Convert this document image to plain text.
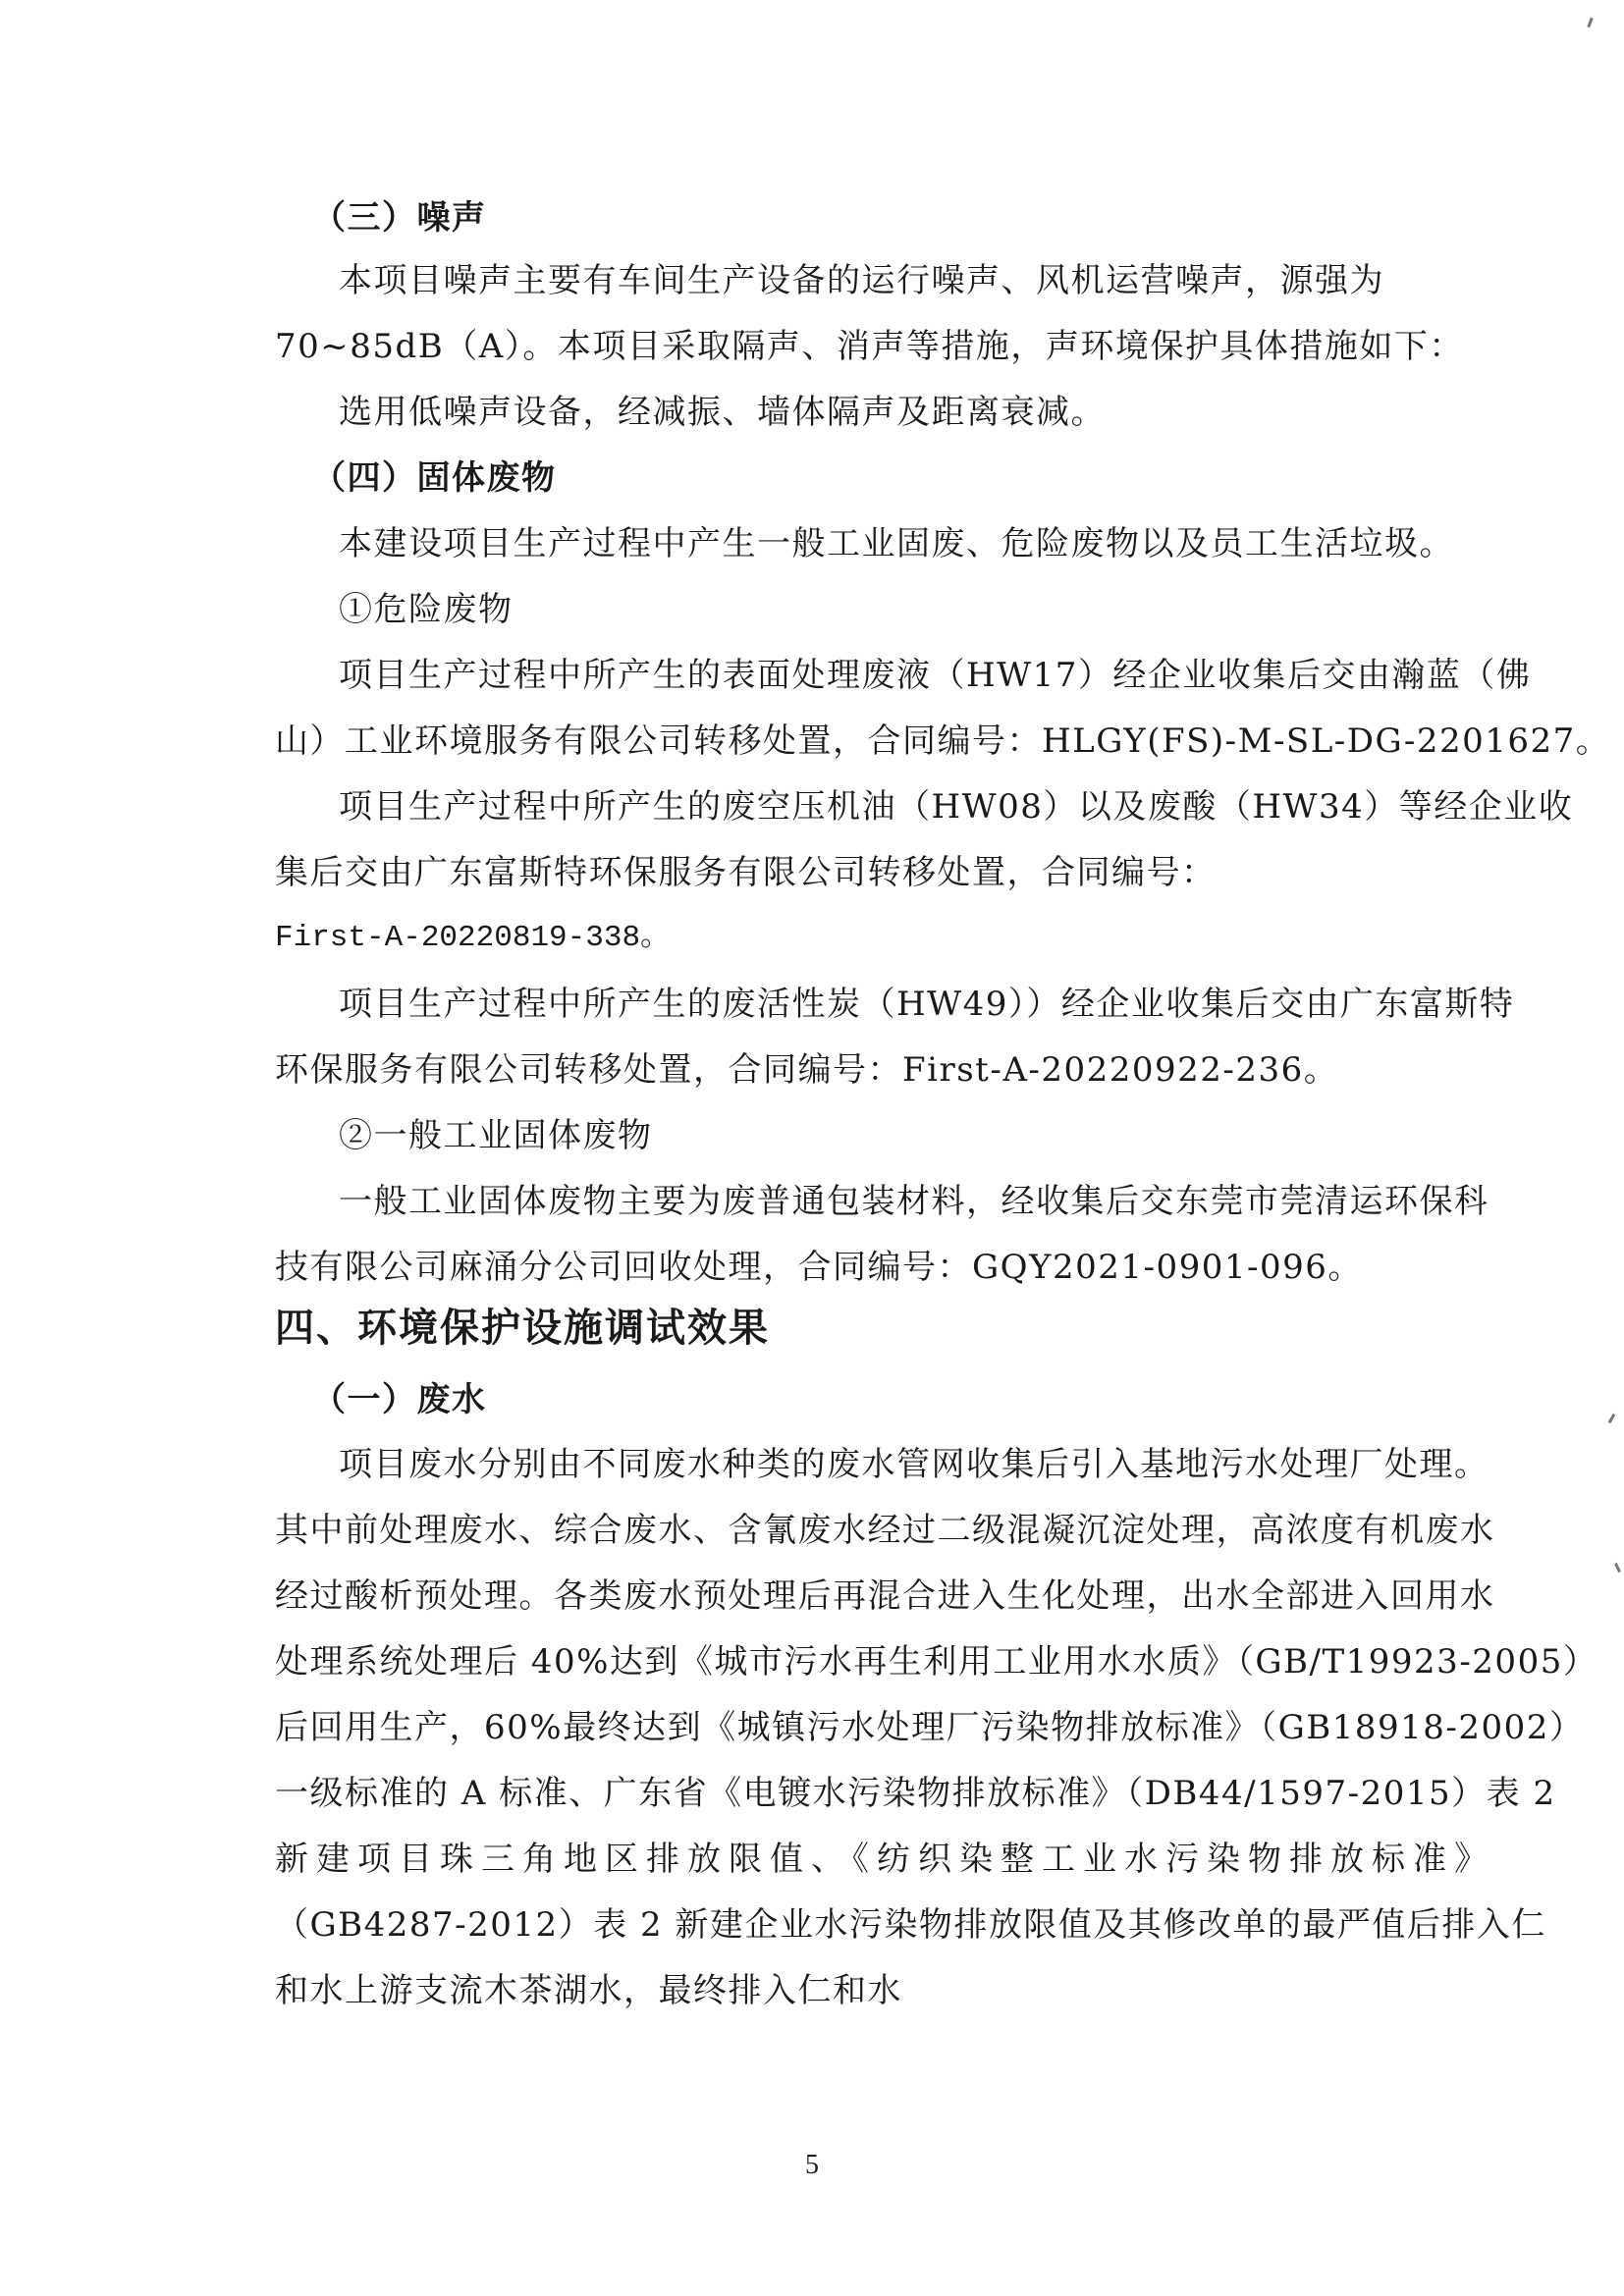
（三）噪声
本项目噪声主要有车间生产设备的运行噪声、风机运营噪声，源强为
70~85dB（A）。本项目采取隔声、消声等措施，声环境保护具体措施如下：
选用低噪声设备，经减振、墙体隔声及距离衰减。
（四）固体废物
本建设项目生产过程中产生一般工业固废、危险废物以及员工生活垃圾。
①危险废物
项目生产过程中所产生的表面处理废液（HW17）经企业收集后交由瀚蓝（佛
山）工业环境服务有限公司转移处置，合同编号：HLGY(FS)-M-SL-DG-2201627。
项目生产过程中所产生的废空压机油（HW08）以及废酸（HW34）等经企业收
集后交由广东富斯特环保服务有限公司转移处置，合同编号：
First-A-20220819-338。
项目生产过程中所产生的废活性炭（HW49））经企业收集后交由广东富斯特
环保服务有限公司转移处置，合同编号：First-A-20220922-236。
②一般工业固体废物
一般工业固体废物主要为废普通包装材料，经收集后交东莞市莞清运环保科
技有限公司麻涌分公司回收处理，合同编号：GQY2021-0901-096。
四、环境保护设施调试效果
（一）废水
项目废水分别由不同废水种类的废水管网收集后引入基地污水处理厂处理。
其中前处理废水、综合废水、含氰废水经过二级混凝沉淀处理，高浓度有机废水
经过酸析预处理。各类废水预处理后再混合进入生化处理，出水全部进入回用水
处理系统处理后 40%达到《城市污水再生利用工业用水水质》（GB/T19923-2005）
后回用生产，60%最终达到《城镇污水处理厂污染物排放标准》（GB18918-2002）
一级标准的 A 标准、广东省《电镀水污染物排放标准》（DB44/1597-2015）表 2
新建项目珠三角地区排放限值、《纺织染整工业水污染物排放标准》
（GB4287-2012）表 2 新建企业水污染物排放限值及其修改单的最严值后排入仁
和水上游支流木茶湖水，最终排入仁和水
5
